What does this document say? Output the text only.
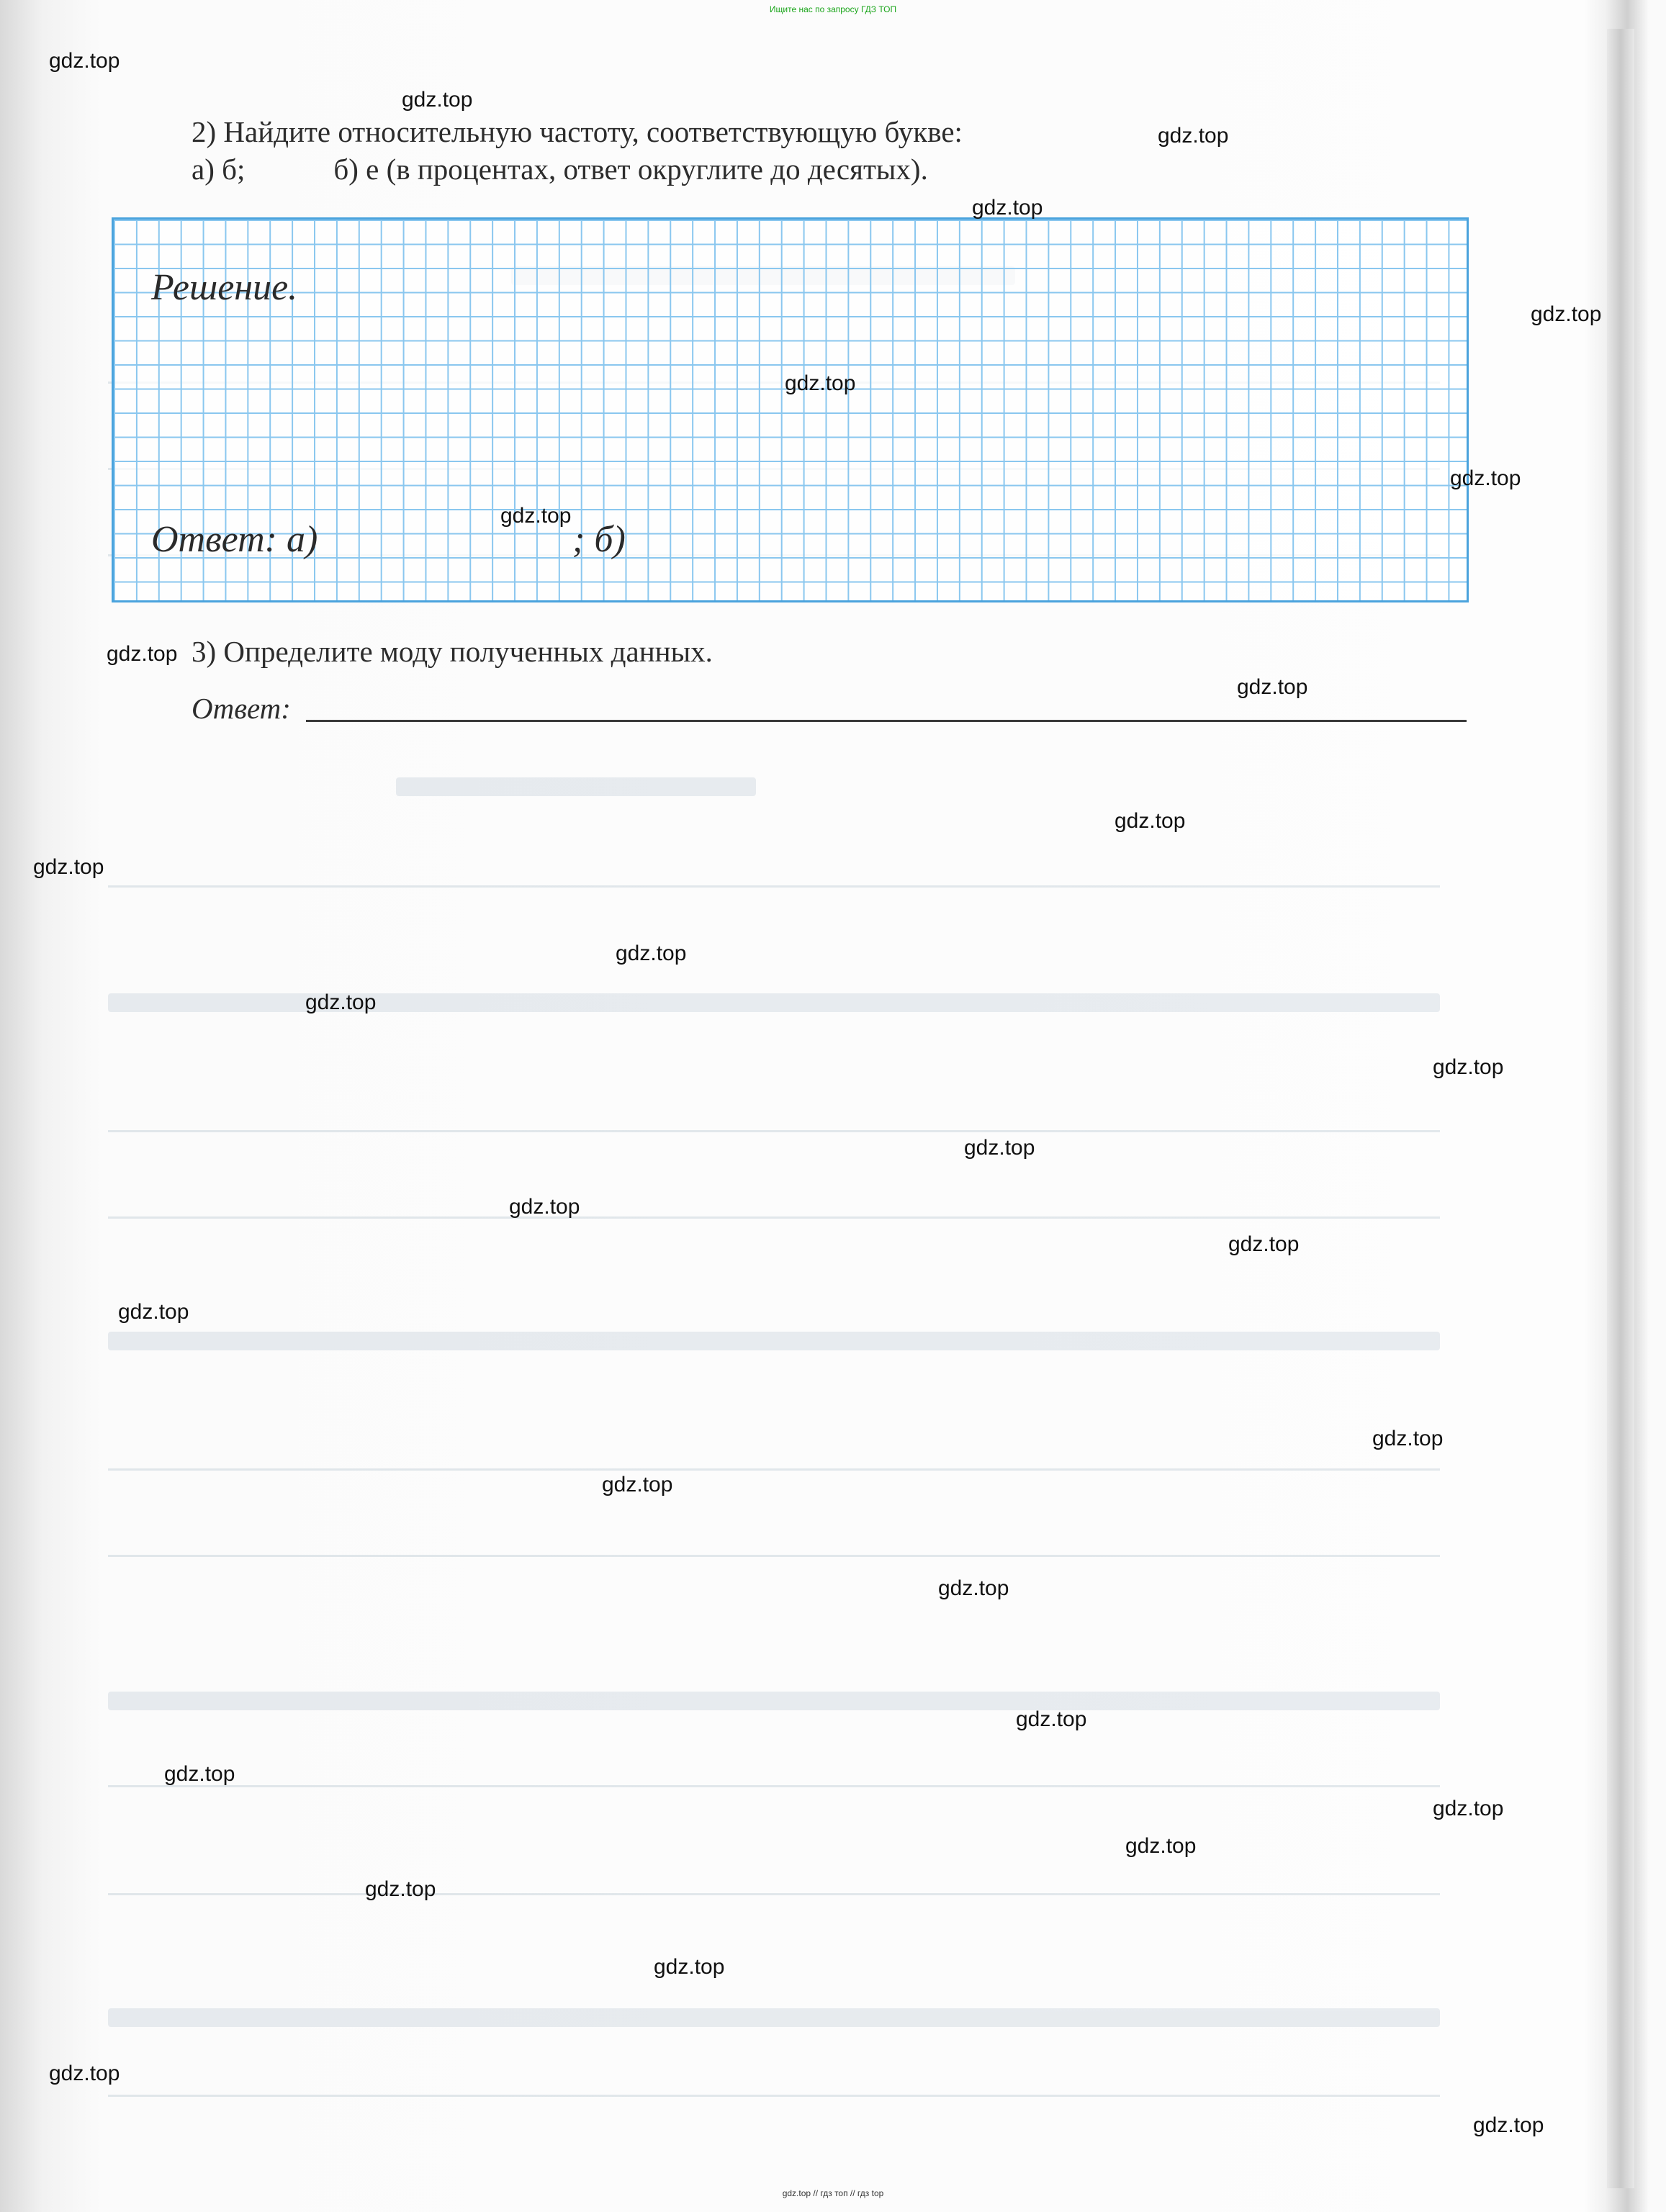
Ищите нас по запросу ГДЗ ТОП
2) Найдите относительную частоту, соответствующую букве:
а) б;            б) е (в процентах, ответ округлите до десятых).
Решение.
Ответ: а)	; б)
3) Определите моду полученных данных.
Ответ:
gdz.top
gdz.top
gdz.top
gdz.top
gdz.top
gdz.top
gdz.top
gdz.top
gdz.top
gdz.top
gdz.top
gdz.top
gdz.top
gdz.top
gdz.top
gdz.top
gdz.top
gdz.top
gdz.top
gdz.top
gdz.top
gdz.top
gdz.top
gdz.top
gdz.top
gdz.top
gdz.top
gdz.top
gdz.top
gdz.top
gdz.top // гдз топ // гдз top
